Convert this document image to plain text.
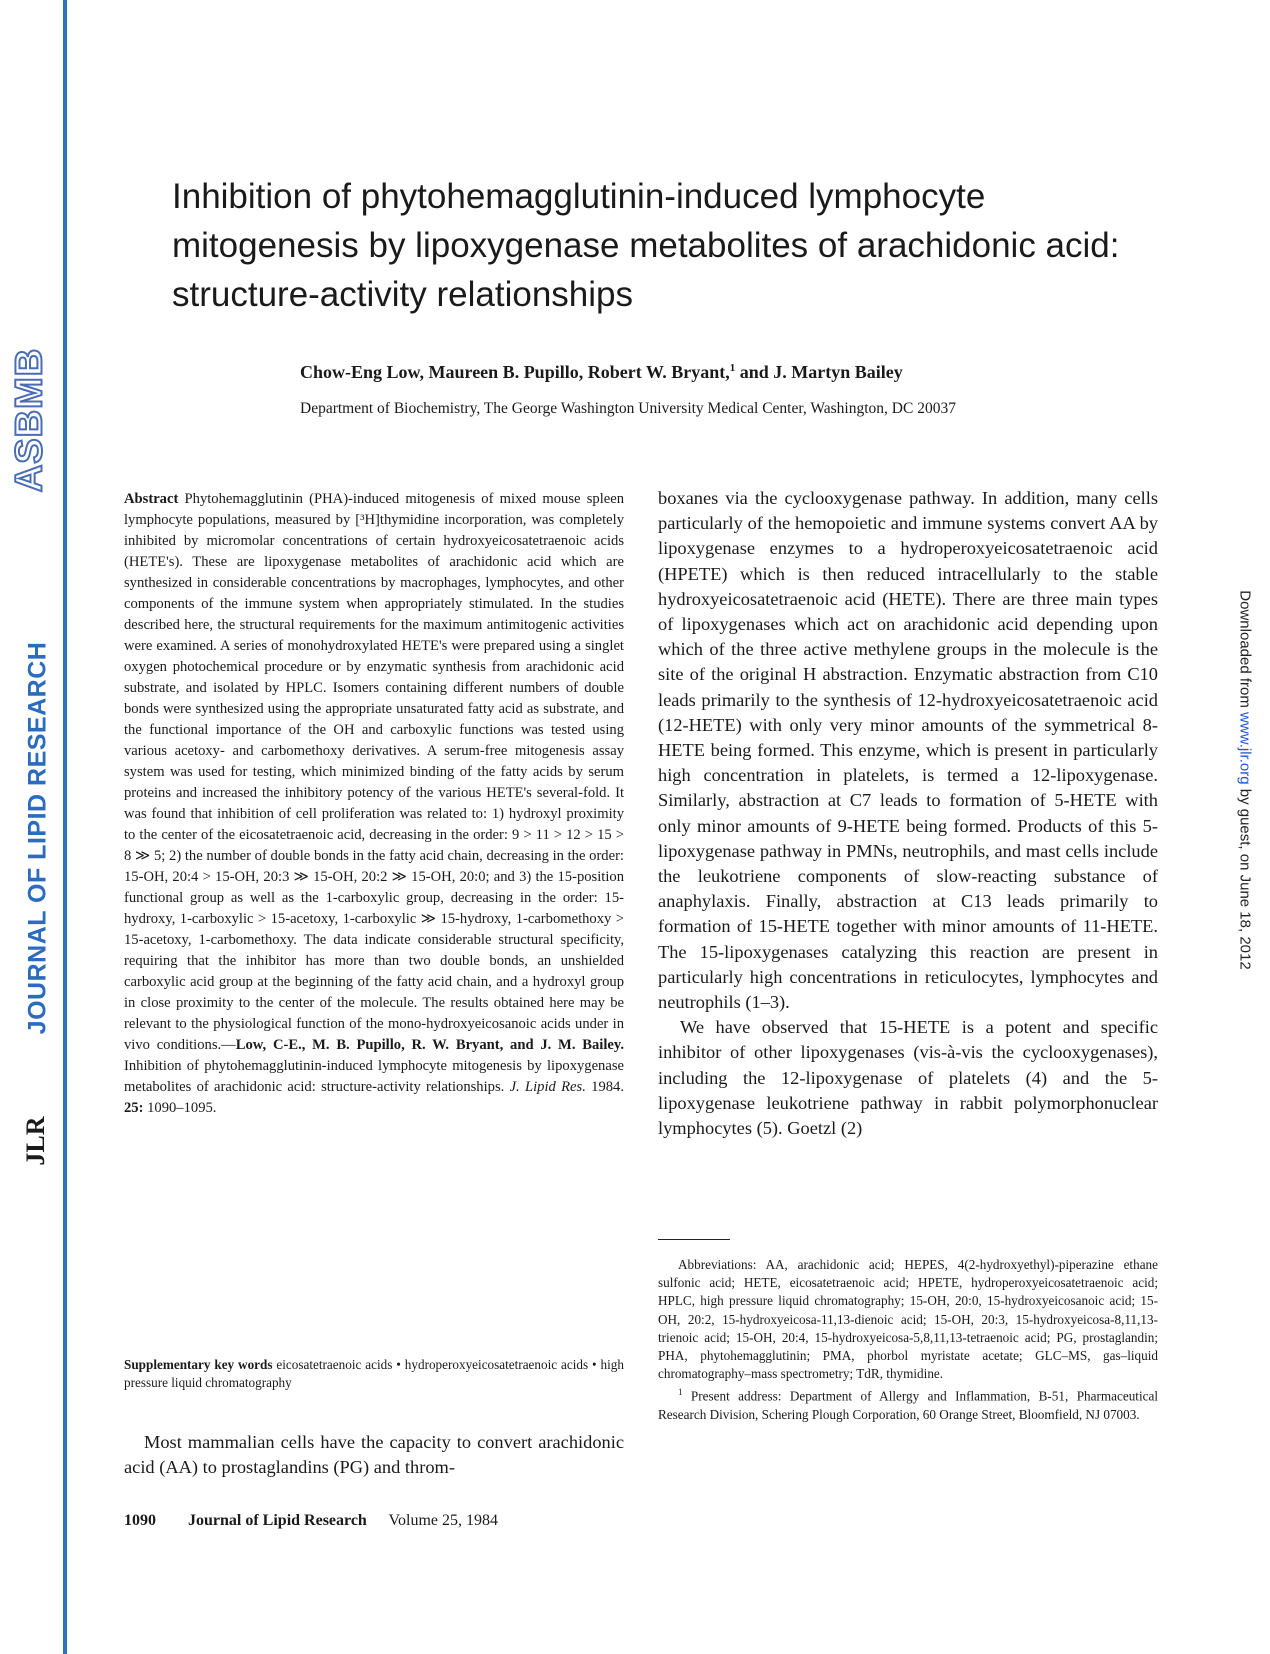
ASBMB
JOURNAL OF LIPID RESEARCH
JLR
Downloaded from www.jlr.org by guest, on June 18, 2012
Inhibition of phytohemagglutinin-induced lymphocyte mitogenesis by lipoxygenase metabolites of arachidonic acid: structure-activity relationships
Chow-Eng Low, Maureen B. Pupillo, Robert W. Bryant,$^1$ and J. Martyn Bailey
Department of Biochemistry, The George Washington University Medical Center, Washington, DC 20037

Abstract Phytohemagglutinin (PHA)-induced mitogenesis of mixed mouse spleen lymphocyte populations, measured by [³H]thymidine incorporation, was completely inhibited by micromolar concentrations of certain hydroxyeicosatetraenoic acids (HETE's). These are lipoxygenase metabolites of arachidonic acid which are synthesized in considerable concentrations by macrophages, lymphocytes, and other components of the immune system when appropriately stimulated. In the studies described here, the structural requirements for the maximum antimitogenic activities were examined. A series of monohydroxylated HETE's were prepared using a singlet oxygen photochemical procedure or by enzymatic synthesis from arachidonic acid substrate, and isolated by HPLC. Isomers containing different numbers of double bonds were synthesized using the appropriate unsaturated fatty acid as substrate, and the functional importance of the OH and carboxylic functions was tested using various acetoxy- and carbomethoxy derivatives. A serum-free mitogenesis assay system was used for testing, which minimized binding of the fatty acids by serum proteins and increased the inhibitory potency of the various HETE's several-fold. It was found that inhibition of cell proliferation was related to: 1) hydroxyl proximity to the center of the eicosatetraenoic acid, decreasing in the order: 9 > 11 > 12 > 15 > 8 ≫ 5; 2) the number of double bonds in the fatty acid chain, decreasing in the order: 15-OH, 20:4 > 15-OH, 20:3 ≫ 15-OH, 20:2 ≫ 15-OH, 20:0; and 3) the 15-position functional group as well as the 1-carboxylic group, decreasing in the order: 15-hydroxy, 1-carboxylic > 15-acetoxy, 1-carboxylic ≫ 15-hydroxy, 1-carbomethoxy > 15-acetoxy, 1-carbomethoxy. The data indicate considerable structural specificity, requiring that the inhibitor has more than two double bonds, an unshielded carboxylic acid group at the beginning of the fatty acid chain, and a hydroxyl group in close proximity to the center of the molecule. The results obtained here may be relevant to the physiological function of the mono-hydroxyeicosanoic acids under in vivo conditions.—Low, C-E., M. B. Pupillo, R. W. Bryant, and J. M. Bailey. Inhibition of phytohemagglutinin-induced lymphocyte mitogenesis by lipoxygenase metabolites of arachidonic acid: structure-activity relationships. J. Lipid Res. 1984. 25: 1090–1095.

Supplementary key words eicosatetraenoic acids • hydroperoxyeicosatetraenoic acids • high pressure liquid chromatography

Most mammalian cells have the capacity to convert arachidonic acid (AA) to prostaglandins (PG) and throm-

boxanes via the cyclooxygenase pathway. In addition, many cells particularly of the hemopoietic and immune systems convert AA by lipoxygenase enzymes to a hydroperoxyeicosatetraenoic acid (HPETE) which is then reduced intracellularly to the stable hydroxyeicosatetraenoic acid (HETE). There are three main types of lipoxygenases which act on arachidonic acid depending upon which of the three active methylene groups in the molecule is the site of the original H abstraction. Enzymatic abstraction from C10 leads primarily to the synthesis of 12-hydroxyeicosatetraenoic acid (12-HETE) with only very minor amounts of the symmetrical 8-HETE being formed. This enzyme, which is present in particularly high concentration in platelets, is termed a 12-lipoxygenase. Similarly, abstraction at C7 leads to formation of 5-HETE with only minor amounts of 9-HETE being formed. Products of this 5-lipoxygenase pathway in PMNs, neutrophils, and mast cells include the leukotriene components of slow-reacting substance of anaphylaxis. Finally, abstraction at C13 leads primarily to formation of 15-HETE together with minor amounts of 11-HETE. The 15-lipoxygenases catalyzing this reaction are present in particularly high concentrations in reticulocytes, lymphocytes and neutrophils (1–3).

We have observed that 15-HETE is a potent and specific inhibitor of other lipoxygenases (vis-à-vis the cyclooxygenases), including the 12-lipoxygenase of platelets (4) and the 5-lipoxygenase leukotriene pathway in rabbit polymorphonuclear lymphocytes (5). Goetzl (2)

Abbreviations: AA, arachidonic acid; HEPES, 4(2-hydroxyethyl)-piperazine ethane sulfonic acid; HETE, eicosatetraenoic acid; HPETE, hydroperoxyeicosatetraenoic acid; HPLC, high pressure liquid chromatography; 15-OH, 20:0, 15-hydroxyeicosanoic acid; 15-OH, 20:2, 15-hydroxyeicosa-11,13-dienoic acid; 15-OH, 20:3, 15-hydroxyeicosa-8,11,13-trienoic acid; 15-OH, 20:4, 15-hydroxyeicosa-5,8,11,13-tetraenoic acid; PG, prostaglandin; PHA, phytohemagglutinin; PMA, phorbol myristate acetate; GLC–MS, gas–liquid chromatography–mass spectrometry; TdR, thymidine.

$^1$ Present address: Department of Allergy and Inflammation, B-51, Pharmaceutical Research Division, Schering Plough Corporation, 60 Orange Street, Bloomfield, NJ 07003.

1090 Journal of Lipid Research Volume 25, 1984
